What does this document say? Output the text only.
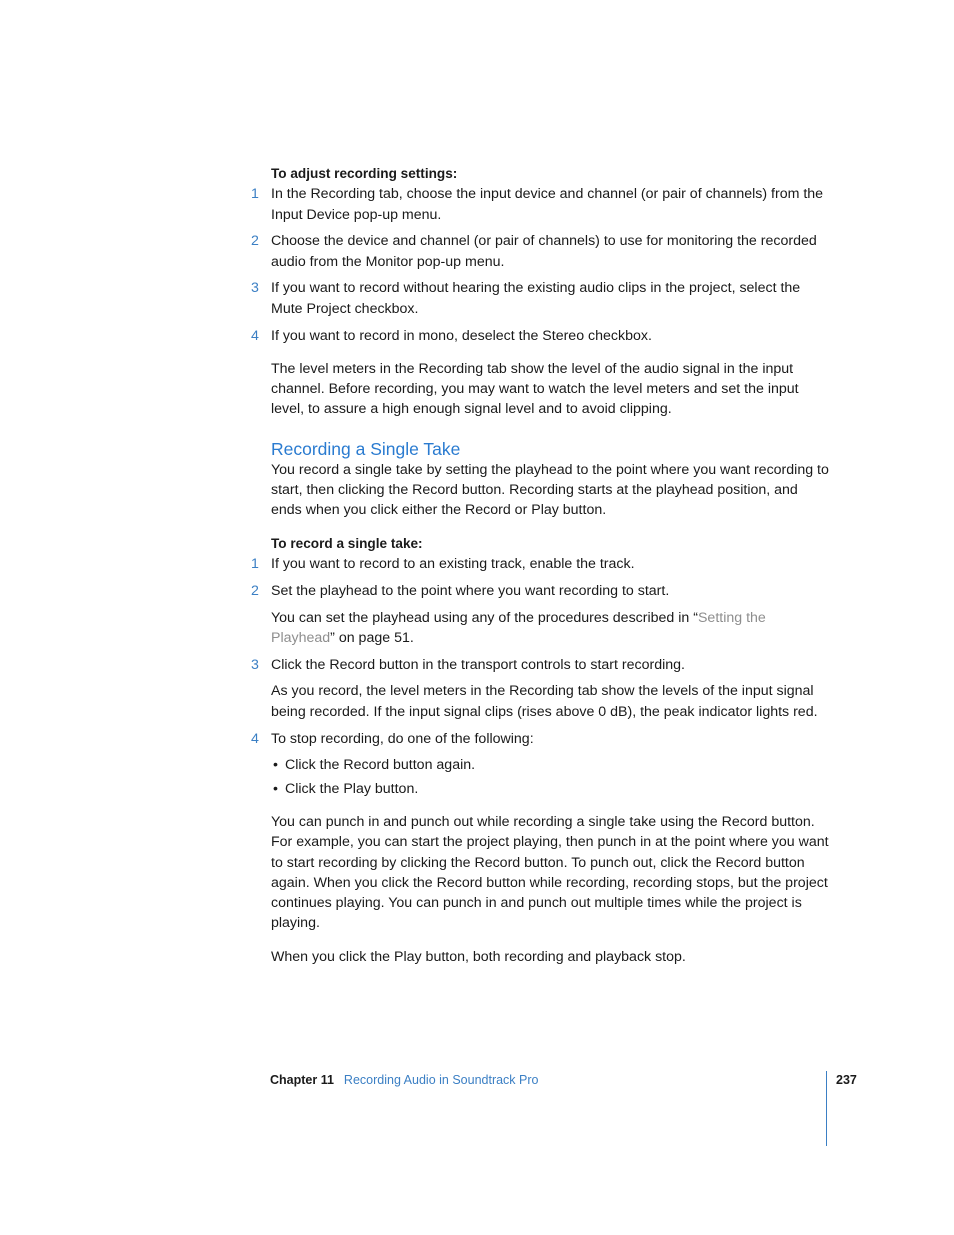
To adjust recording settings:

1 In the Recording tab, choose the input device and channel (or pair of channels) from the Input Device pop-up menu.
2 Choose the device and channel (or pair of channels) to use for monitoring the recorded audio from the Monitor pop-up menu.
3 If you want to record without hearing the existing audio clips in the project, select the Mute Project checkbox.
4 If you want to record in mono, deselect the Stereo checkbox.

The level meters in the Recording tab show the level of the audio signal in the input channel. Before recording, you may want to watch the level meters and set the input level, to assure a high enough signal level and to avoid clipping.

Recording a Single Take

You record a single take by setting the playhead to the point where you want recording to start, then clicking the Record button. Recording starts at the playhead position, and ends when you click either the Record or Play button.

To record a single take:

1 If you want to record to an existing track, enable the track.
2 Set the playhead to the point where you want recording to start.
You can set the playhead using any of the procedures described in “Setting the Playhead” on page 51.
3 Click the Record button in the transport controls to start recording.
As you record, the level meters in the Recording tab show the levels of the input signal being recorded. If the input signal clips (rises above 0 dB), the peak indicator lights red.
4 To stop recording, do one of the following:
• Click the Record button again.
• Click the Play button.

You can punch in and punch out while recording a single take using the Record button. For example, you can start the project playing, then punch in at the point where you want to start recording by clicking the Record button. To punch out, click the Record button again. When you click the Record button while recording, recording stops, but the project continues playing. You can punch in and punch out multiple times while the project is playing.

When you click the Play button, both recording and playback stop.

Chapter 11 Recording Audio in Soundtrack Pro	237
